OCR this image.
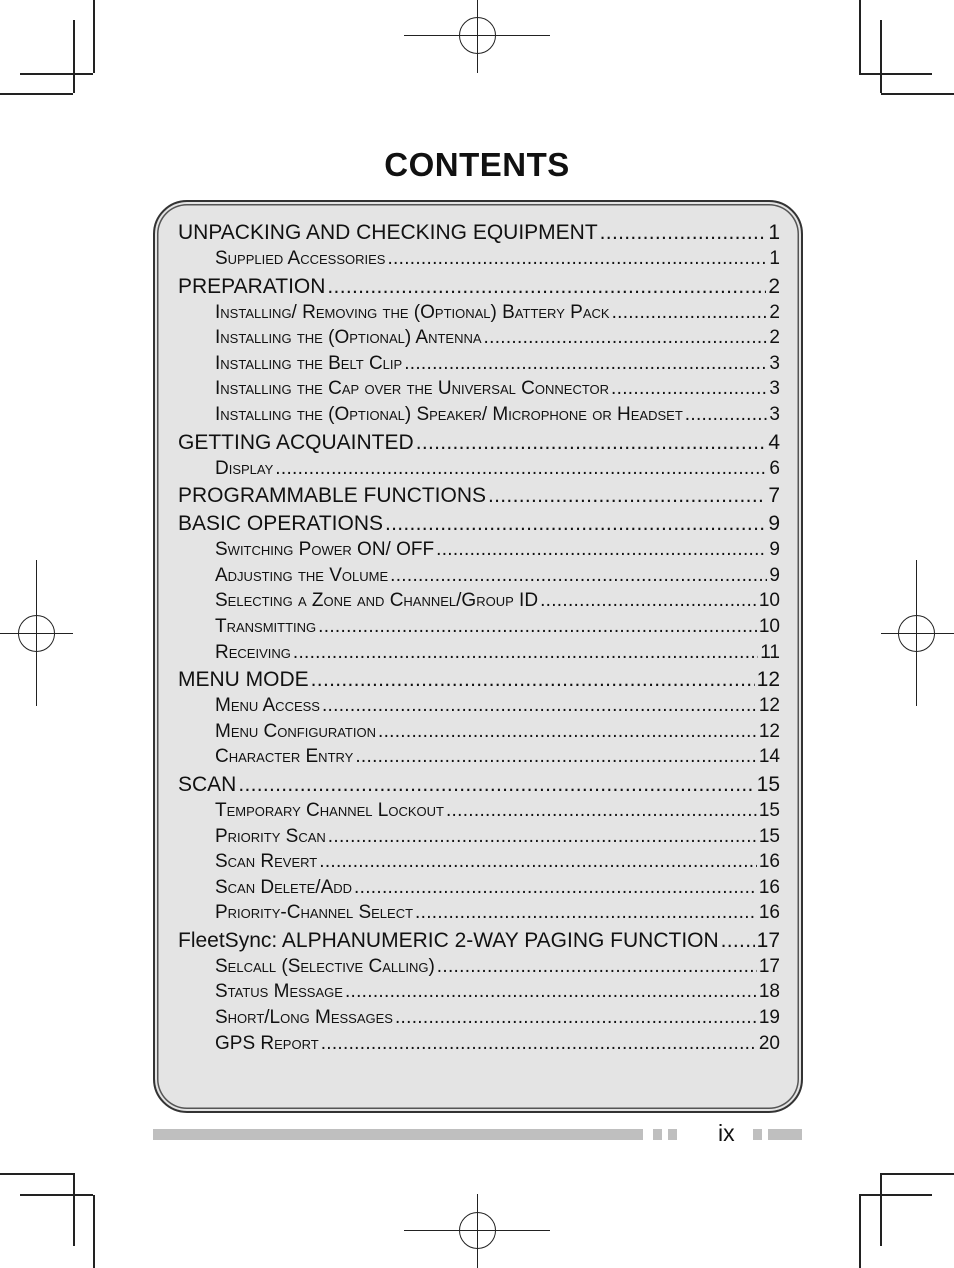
CONTENTS
UNPACKING AND CHECKING EQUIPMENT .....	1
Supplied Accessories .....	1
PREPARATION .....	2
Installing/ Removing the (Optional) Battery Pack .....	2
Installing the (Optional) Antenna .....	2
Installing the Belt Clip .....	3
Installing the Cap over the Universal Connector .....	3
Installing the (Optional) Speaker/ Microphone or Headset .....	3
GETTING ACQUAINTED .....	4
Display .....	6
PROGRAMMABLE FUNCTIONS .....	7
BASIC OPERATIONS .....	9
Switching Power ON/ OFF .....	9
Adjusting the Volume .....	9
Selecting a Zone and Channel/Group ID .....	10
Transmitting .....	10
Receiving .....	11
MENU MODE .....	12
Menu Access .....	12
Menu Configuration .....	12
Character Entry .....	14
SCAN .....	15
Temporary Channel Lockout .....	15
Priority Scan .....	15
Scan Revert .....	16
Scan Delete/Add .....	16
Priority-Channel Select .....	16
FleetSync: ALPHANUMERIC 2-WAY PAGING FUNCTION ..... 17
Selcall (Selective Calling) .....	17
Status Message .....	18
Short/Long Messages .....	19
GPS Report .....	20
ix
